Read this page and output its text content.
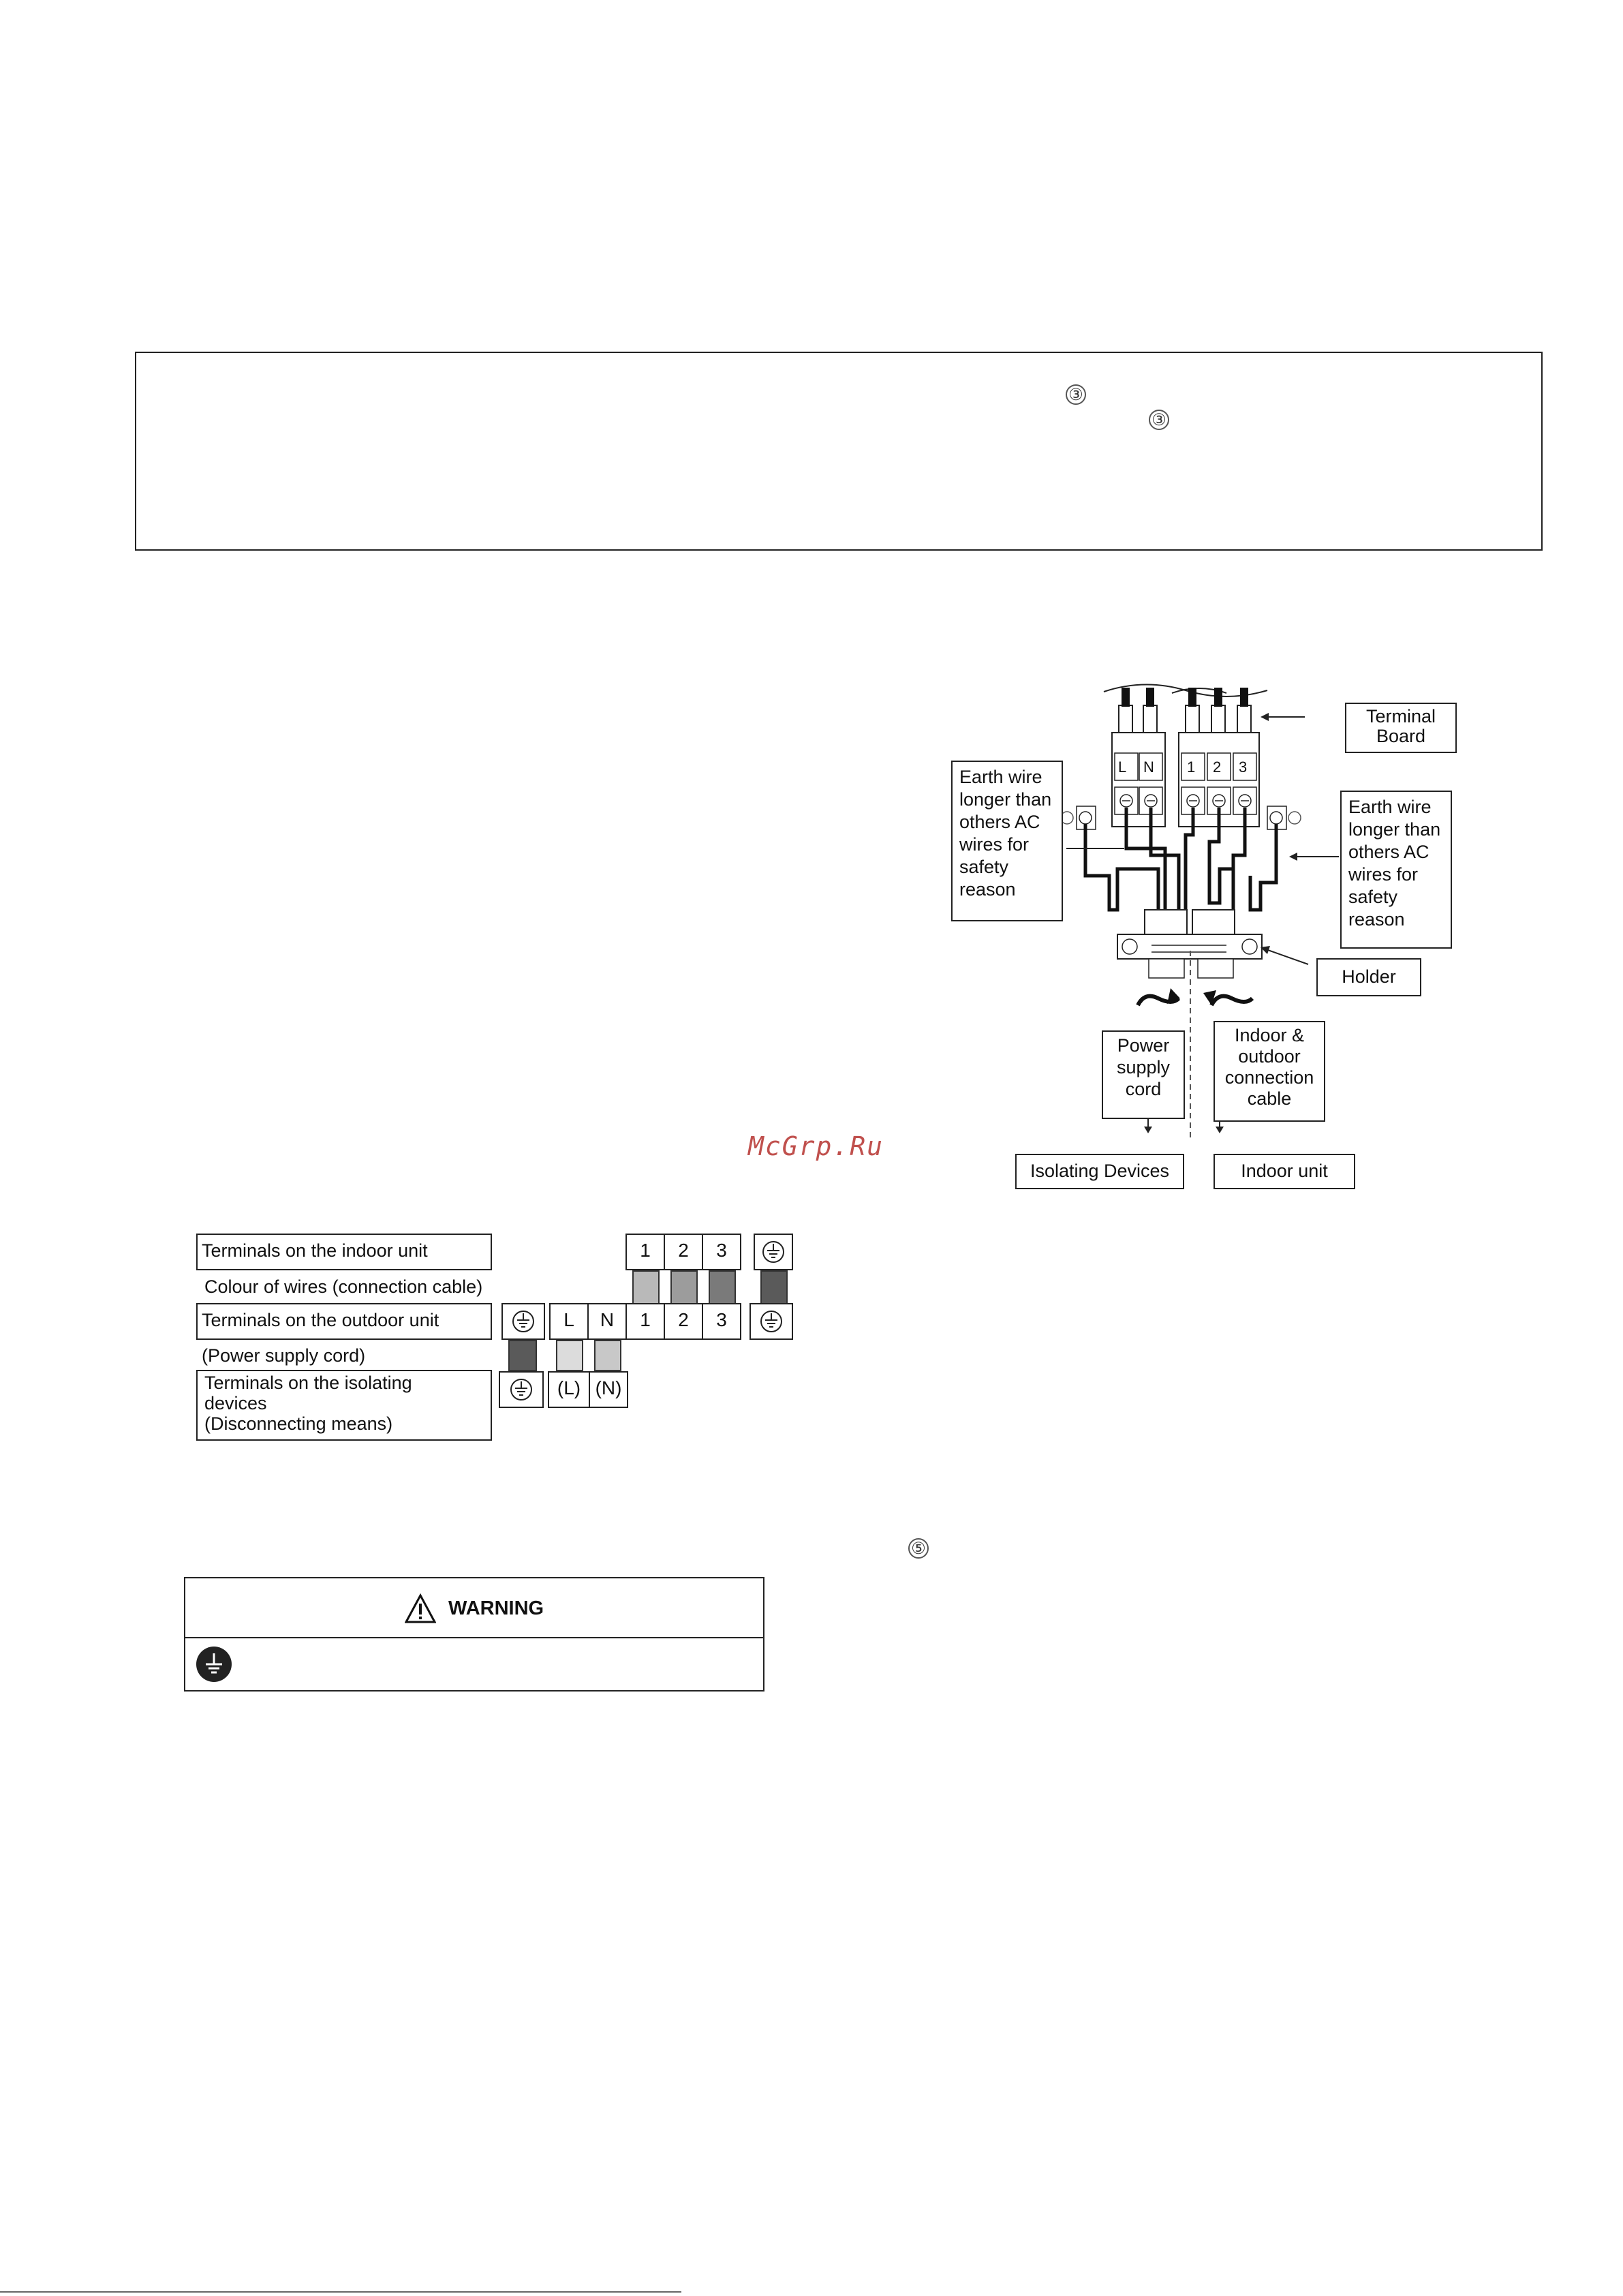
③
③
L N 1 2 3
Terminal Board
Earth wire longer than others AC wires for safety reason
Earth wire longer than others AC wires for safety reason
Holder
Power supply cord
Indoor & outdoor connection cable
Isolating Devices	Indoor unit
McGrp.Ru
Terminals on the indoor unit
Colour of wires (connection cable)
Terminals on the outdoor unit
(Power supply cord)
Terminals on the isolating
devices
(Disconnecting means)
1	2	3
L	N	1	2	3
(L) (N)
⑤
WARNING
